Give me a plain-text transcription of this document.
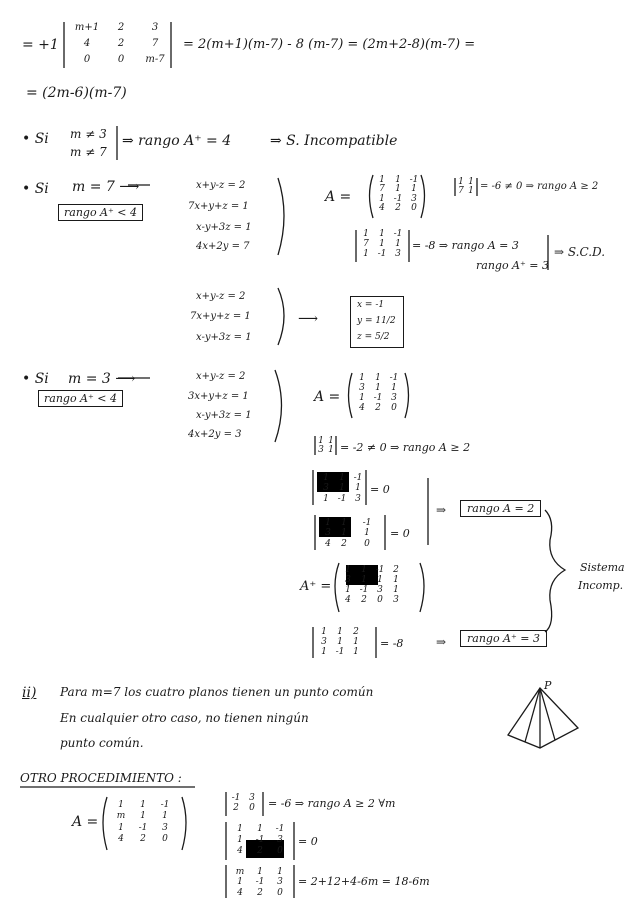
= +1
m+1 2	3
4	2	7
0	0 m-7
= 2(m+1)(m-7) - 8 (m-7) = (2m+2-8)(m-7) =
= (2m-6)(m-7)
• Si m ≠ 3
m ≠ 7
⇒ rango A⁺ = 4	⇒ S. Incompatible
• Si m = 7 ⟶
rango A⁺ < 4
x+y-z = 2
7x+y+z = 1
x-y+3z = 1
4x+2y = 7
A =
1 1 -1
7 1 1
1 -1 3
4 2 0
1 1
7 1 = -6 ≠ 0 ⇒ rango A ≥ 2
1 1 -1
7 1 1
1 -1 3
= -8 ⇒ rango A = 3
rango A⁺ = 3
⇒ S.C.D.
x+y-z = 2
7x+y+z = 1
x-y+3z = 1
⟶
x = -1
y = 11/2
z = 5/2
• Si m = 3 ⟶
rango A⁺ < 4
x+y-z = 2
3x+y+z = 1
x-y+3z = 1
4x+2y = 3
A =
1 1 -1
3 1 1
1 -1 3
4 2 0
1 1
3 1 = -2 ≠ 0 ⇒ rango A ≥ 2
1 1 -1
3 1 1
1 -1 3
= 0
1 1 -1
3 1 1
4 2 0
= 0
⇒	rango A = 2
A⁺ =
1 1 -1 2
3 1 1 1
1 -1 3 1
4 2 0 3
1 1 2
3 1 1
1 -1 1
= -8	⇒	rango A⁺ = 3
Sistema
Incomp.
ii) Para m=7 los cuatro planos tienen un punto común
En cualquier otro caso, no tienen ningún
punto común.
P
OTRO PROCEDIMIENTO :
A =
1 1 -1
m 1 1
1 -1 3
4 2 0
-1 3
2 0	= -6 ⇒ rango A ≥ 2 ∀m
1 1 -1
1 -1 3
4 2 0
= 0
m 1 1
1 -1 3
4 2 0
= 2+12+4-6m = 18-6m
